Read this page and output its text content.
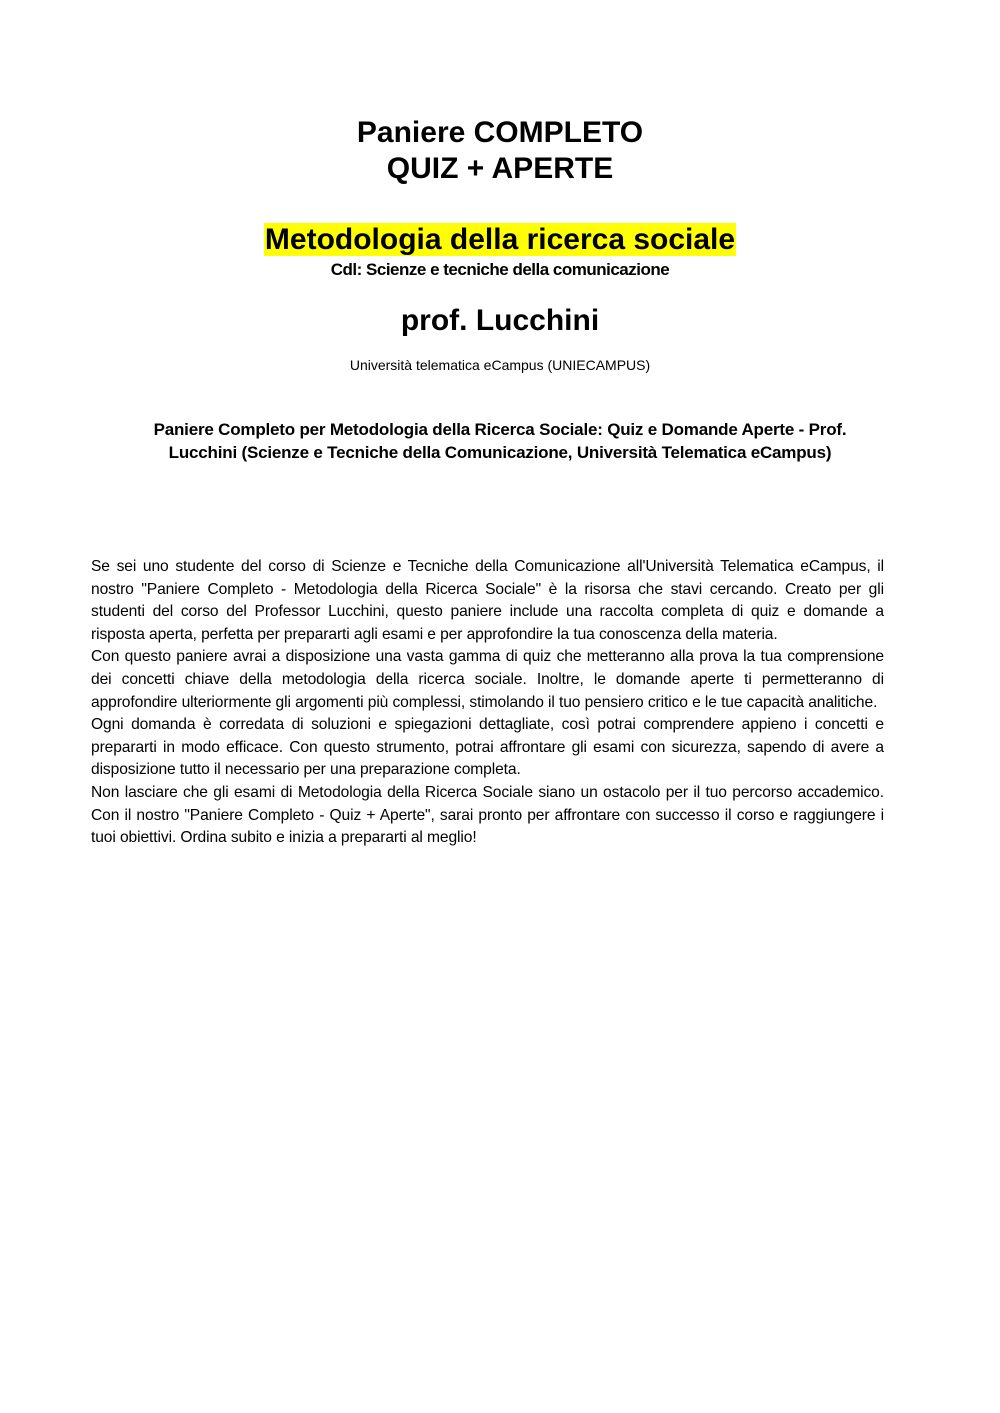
Paniere COMPLETO
QUIZ + APERTE
Metodologia della ricerca sociale
Cdl: Scienze e tecniche della comunicazione
prof. Lucchini
Università telematica eCampus (UNIECAMPUS)
Paniere Completo per Metodologia della Ricerca Sociale: Quiz e Domande Aperte - Prof.
Lucchini (Scienze e Tecniche della Comunicazione, Università Telematica eCampus)

Se sei uno studente del corso di Scienze e Tecniche della Comunicazione all'Università Telematica eCampus, il nostro "Paniere Completo - Metodologia della Ricerca Sociale" è la risorsa che stavi cercando. Creato per gli studenti del corso del Professor Lucchini, questo paniere include una raccolta completa di quiz e domande a risposta aperta, perfetta per prepararti agli esami e per approfondire la tua conoscenza della materia.

Con questo paniere avrai a disposizione una vasta gamma di quiz che metteranno alla prova la tua comprensione dei concetti chiave della metodologia della ricerca sociale. Inoltre, le domande aperte ti permetteranno di approfondire ulteriormente gli argomenti più complessi, stimolando il tuo pensiero critico e le tue capacità analitiche.

Ogni domanda è corredata di soluzioni e spiegazioni dettagliate, così potrai comprendere appieno i concetti e prepararti in modo efficace. Con questo strumento, potrai affrontare gli esami con sicurezza, sapendo di avere a disposizione tutto il necessario per una preparazione completa.

Non lasciare che gli esami di Metodologia della Ricerca Sociale siano un ostacolo per il tuo percorso accademico. Con il nostro "Paniere Completo - Quiz + Aperte", sarai pronto per affrontare con successo il corso e raggiungere i tuoi obiettivi. Ordina subito e inizia a prepararti al meglio!
